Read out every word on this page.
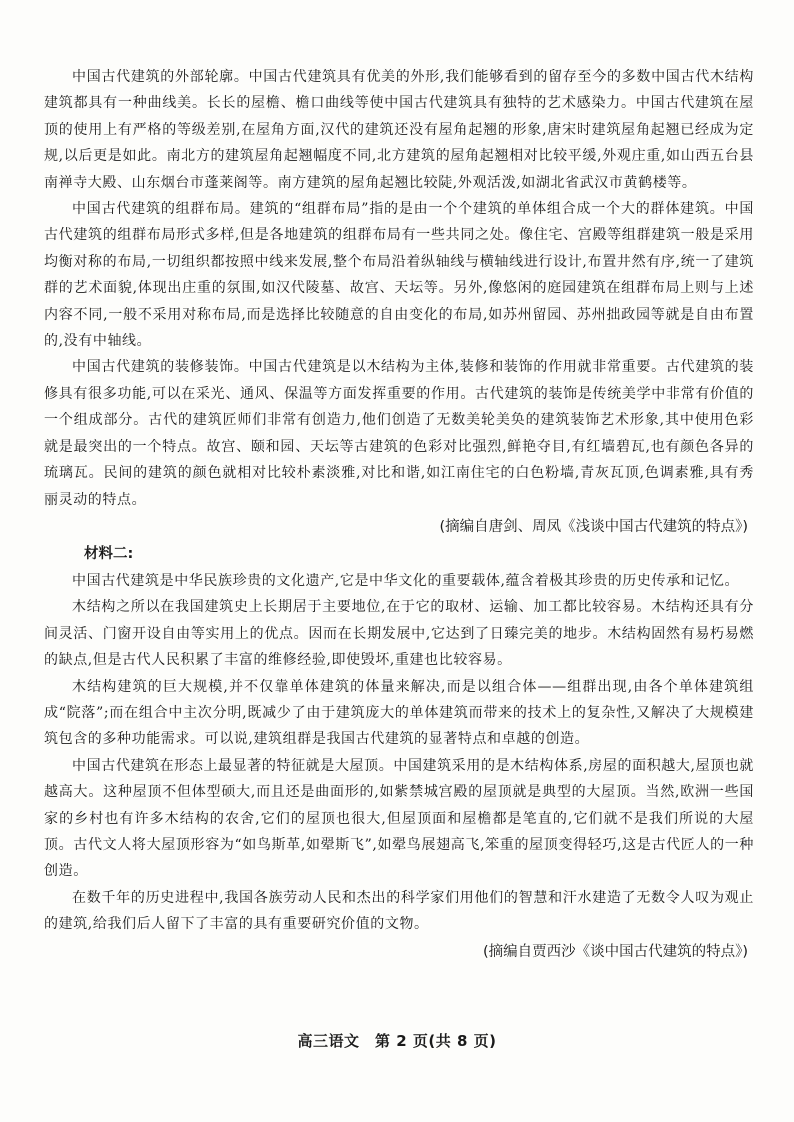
中国古代建筑的外部轮廓。中国古代建筑具有优美的外形,我们能够看到的留存至今的多数中国古代木结构建筑都具有一种曲线美。长长的屋檐、檐口曲线等使中国古代建筑具有独特的艺术感染力。中国古代建筑在屋顶的使用上有严格的等级差别,在屋角方面,汉代的建筑还没有屋角起翘的形象,唐宋时建筑屋角起翘已经成为定规,以后更是如此。南北方的建筑屋角起翘幅度不同,北方建筑的屋角起翘相对比较平缓,外观庄重,如山西五台县南禅寺大殿、山东烟台市蓬莱阁等。南方建筑的屋角起翘比较陡,外观活泼,如湖北省武汉市黄鹤楼等。

中国古代建筑的组群布局。建筑的“组群布局”指的是由一个个建筑的单体组合成一个大的群体建筑。中国古代建筑的组群布局形式多样,但是各地建筑的组群布局有一些共同之处。像住宅、宫殿等组群建筑一般是采用均衡对称的布局,一切组织都按照中线来发展,整个布局沿着纵轴线与横轴线进行设计,布置井然有序,统一了建筑群的艺术面貌,体现出庄重的氛围,如汉代陵墓、故宫、天坛等。另外,像悠闲的庭园建筑在组群布局上则与上述内容不同,一般不采用对称布局,而是选择比较随意的自由变化的布局,如苏州留园、苏州拙政园等就是自由布置的,没有中轴线。

中国古代建筑的装修装饰。中国古代建筑是以木结构为主体,装修和装饰的作用就非常重要。古代建筑的装修具有很多功能,可以在采光、通风、保温等方面发挥重要的作用。古代建筑的装饰是传统美学中非常有价值的一个组成部分。古代的建筑匠师们非常有创造力,他们创造了无数美轮美奂的建筑装饰艺术形象,其中使用色彩就是最突出的一个特点。故宫、颐和园、天坛等古建筑的色彩对比强烈,鲜艳夺目,有红墙碧瓦,也有颜色各异的琉璃瓦。民间的建筑的颜色就相对比较朴素淡雅,对比和谐,如江南住宅的白色粉墙,青灰瓦顶,色调素雅,具有秀丽灵动的特点。

(摘编自唐剑、周凤《浅谈中国古代建筑的特点》)

材料二:

中国古代建筑是中华民族珍贵的文化遗产,它是中华文化的重要载体,蕴含着极其珍贵的历史传承和记忆。

木结构之所以在我国建筑史上长期居于主要地位,在于它的取材、运输、加工都比较容易。木结构还具有分间灵活、门窗开设自由等实用上的优点。因而在长期发展中,它达到了日臻完美的地步。木结构固然有易朽易燃的缺点,但是古代人民积累了丰富的维修经验,即使毁坏,重建也比较容易。

木结构建筑的巨大规模,并不仅靠单体建筑的体量来解决,而是以组合体——组群出现,由各个单体建筑组成“院落”;而在组合中主次分明,既减少了由于建筑庞大的单体建筑而带来的技术上的复杂性,又解决了大规模建筑包含的多种功能需求。可以说,建筑组群是我国古代建筑的显著特点和卓越的创造。

中国古代建筑在形态上最显著的特征就是大屋顶。中国建筑采用的是木结构体系,房屋的面积越大,屋顶也就越高大。这种屋顶不但体型硕大,而且还是曲面形的,如紫禁城宫殿的屋顶就是典型的大屋顶。当然,欧洲一些国家的乡村也有许多木结构的农舍,它们的屋顶也很大,但屋顶面和屋檐都是笔直的,它们就不是我们所说的大屋顶。古代文人将大屋顶形容为“如鸟斯革,如翚斯飞”,如翚鸟展翅高飞,笨重的屋顶变得轻巧,这是古代匠人的一种创造。

在数千年的历史进程中,我国各族劳动人民和杰出的科学家们用他们的智慧和汗水建造了无数令人叹为观止的建筑,给我们后人留下了丰富的具有重要研究价值的文物。

(摘编自贾西沙《谈中国古代建筑的特点》)

高三语文　第 2 页(共 8 页)
